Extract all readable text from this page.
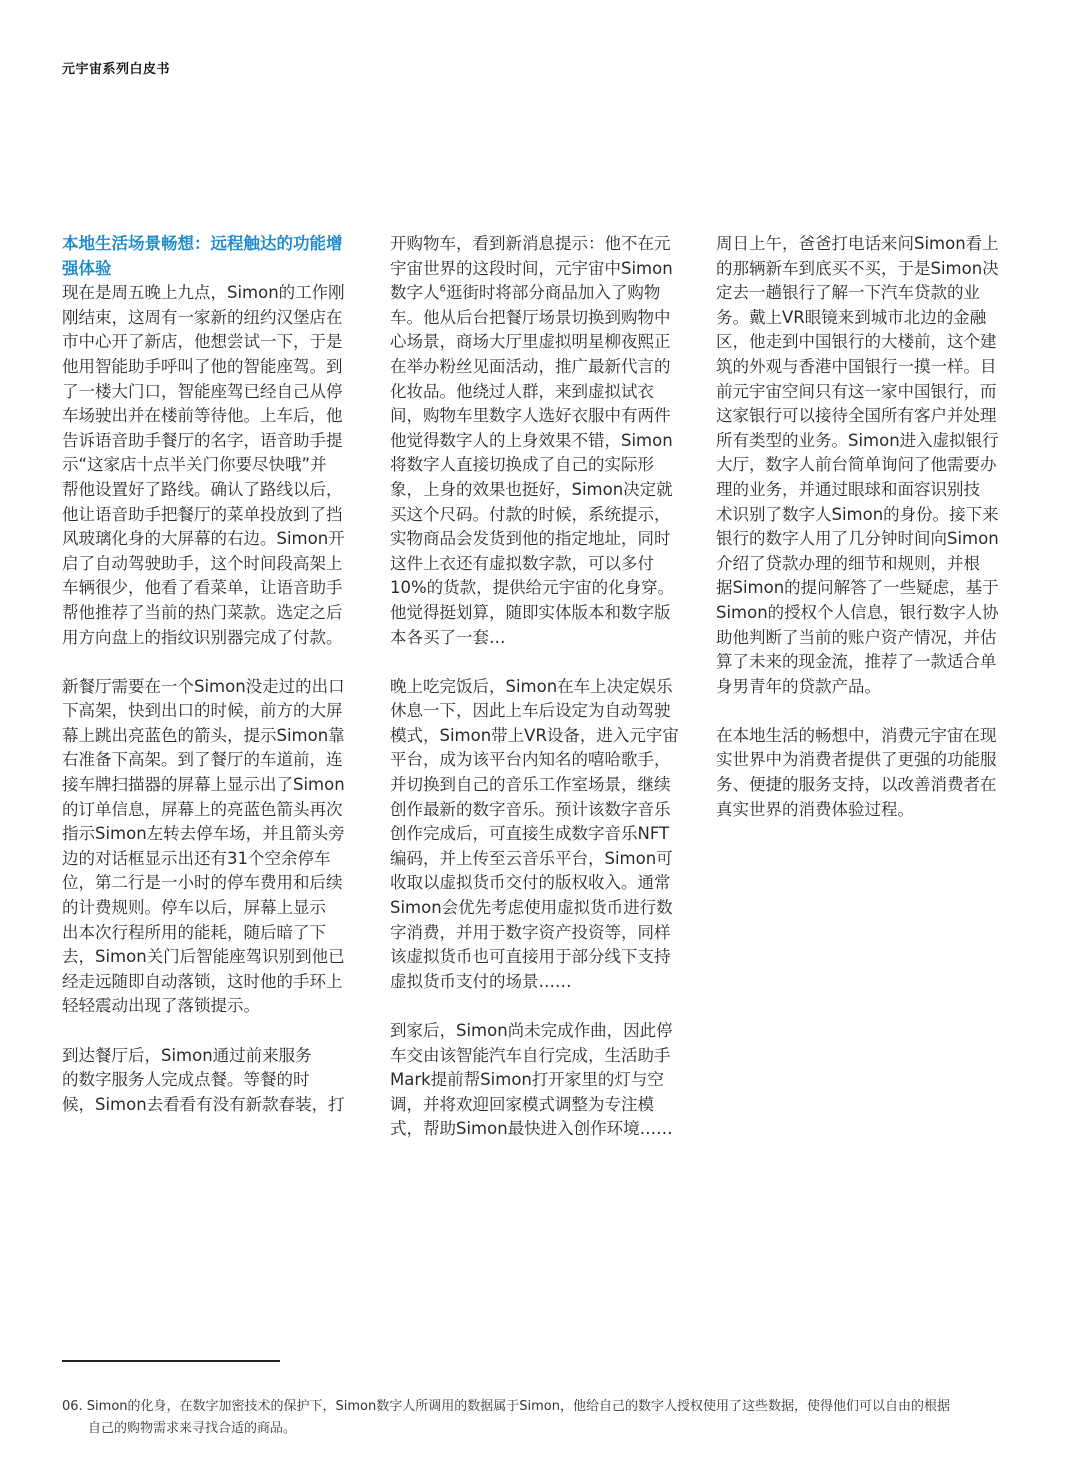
元宇宙系列白皮书
本地生活场景畅想：远程触达的功能增
强体验

现在是周五晚上九点，Simon的工作刚
刚结束，这周有一家新的纽约汉堡店在
市中心开了新店，他想尝试一下，于是
他用智能助手呼叫了他的智能座驾。到
了一楼大门口，智能座驾已经自己从停
车场驶出并在楼前等待他。上车后，他
告诉语音助手餐厅的名字，语音助手提
示“这家店十点半关门你要尽快哦”并
帮他设置好了路线。确认了路线以后，
他让语音助手把餐厅的菜单投放到了挡
风玻璃化身的大屏幕的右边。Simon开
启了自动驾驶助手，这个时间段高架上
车辆很少，他看了看菜单，让语音助手
帮他推荐了当前的热门菜款。选定之后
用方向盘上的指纹识别器完成了付款。

新餐厅需要在一个Simon没走过的出口
下高架，快到出口的时候，前方的大屏
幕上跳出亮蓝色的箭头，提示Simon靠
右准备下高架。到了餐厅的车道前，连
接车牌扫描器的屏幕上显示出了Simon
的订单信息，屏幕上的亮蓝色箭头再次
指示Simon左转去停车场，并且箭头旁
边的对话框显示出还有31个空余停车
位，第二行是一小时的停车费用和后续
的计费规则。停车以后，屏幕上显示
出本次行程所用的能耗，随后暗了下
去，Simon关门后智能座驾识别到他已
经走远随即自动落锁，这时他的手环上
轻轻震动出现了落锁提示。

到达餐厅后，Simon通过前来服务
的数字服务人完成点餐。等餐的时
候，Simon去看看有没有新款春装，打

开购物车，看到新消息提示：他不在元
宇宙世界的这段时间，元宇宙中Simon
数字人$^6$逛街时将部分商品加入了购物
车。他从后台把餐厅场景切换到购物中
心场景，商场大厅里虚拟明星柳夜熙正
在举办粉丝见面活动，推广最新代言的
化妆品。他绕过人群，来到虚拟试衣
间，购物车里数字人选好衣服中有两件
他觉得数字人的上身效果不错，Simon
将数字人直接切换成了自己的实际形
象，上身的效果也挺好，Simon决定就
买这个尺码。付款的时候，系统提示，
实物商品会发货到他的指定地址，同时
这件上衣还有虚拟数字款，可以多付
10%的货款，提供给元宇宙的化身穿。
他觉得挺划算，随即实体版本和数字版
本各买了一套…

晚上吃完饭后，Simon在车上决定娱乐
休息一下，因此上车后设定为自动驾驶
模式，Simon带上VR设备，进入元宇宙
平台，成为该平台内知名的嘻哈歌手，
并切换到自己的音乐工作室场景，继续
创作最新的数字音乐。预计该数字音乐
创作完成后，可直接生成数字音乐NFT
编码，并上传至云音乐平台，Simon可
收取以虚拟货币交付的版权收入。通常
Simon会优先考虑使用虚拟货币进行数
字消费，并用于数字资产投资等，同样
该虚拟货币也可直接用于部分线下支持
虚拟货币支付的场景……

到家后，Simon尚未完成作曲，因此停
车交由该智能汽车自行完成，生活助手
Mark提前帮Simon打开家里的灯与空
调，并将欢迎回家模式调整为专注模
式，帮助Simon最快进入创作环境……

周日上午，爸爸打电话来问Simon看上
的那辆新车到底买不买，于是Simon决
定去一趟银行了解一下汽车贷款的业
务。戴上VR眼镜来到城市北边的金融
区，他走到中国银行的大楼前，这个建
筑的外观与香港中国银行一摸一样。目
前元宇宙空间只有这一家中国银行，而
这家银行可以接待全国所有客户并处理
所有类型的业务。Simon进入虚拟银行
大厅，数字人前台简单询问了他需要办
理的业务，并通过眼球和面容识别技
术识别了数字人Simon的身份。接下来
银行的数字人用了几分钟时间向Simon
介绍了贷款办理的细节和规则，并根
据Simon的提问解答了一些疑虑，基于
Simon的授权个人信息，银行数字人协
助他判断了当前的账户资产情况，并估
算了未来的现金流，推荐了一款适合单
身男青年的贷款产品。

在本地生活的畅想中，消费元宇宙在现
实世界中为消费者提供了更强的功能服
务、便捷的服务支持，以改善消费者在
真实世界的消费体验过程。

06. Simon的化身，在数字加密技术的保护下，Simon数字人所调用的数据属于Simon，他给自己的数字人授权使用了这些数据，使得他们可以自由的根据
自己的购物需求来寻找合适的商品。
